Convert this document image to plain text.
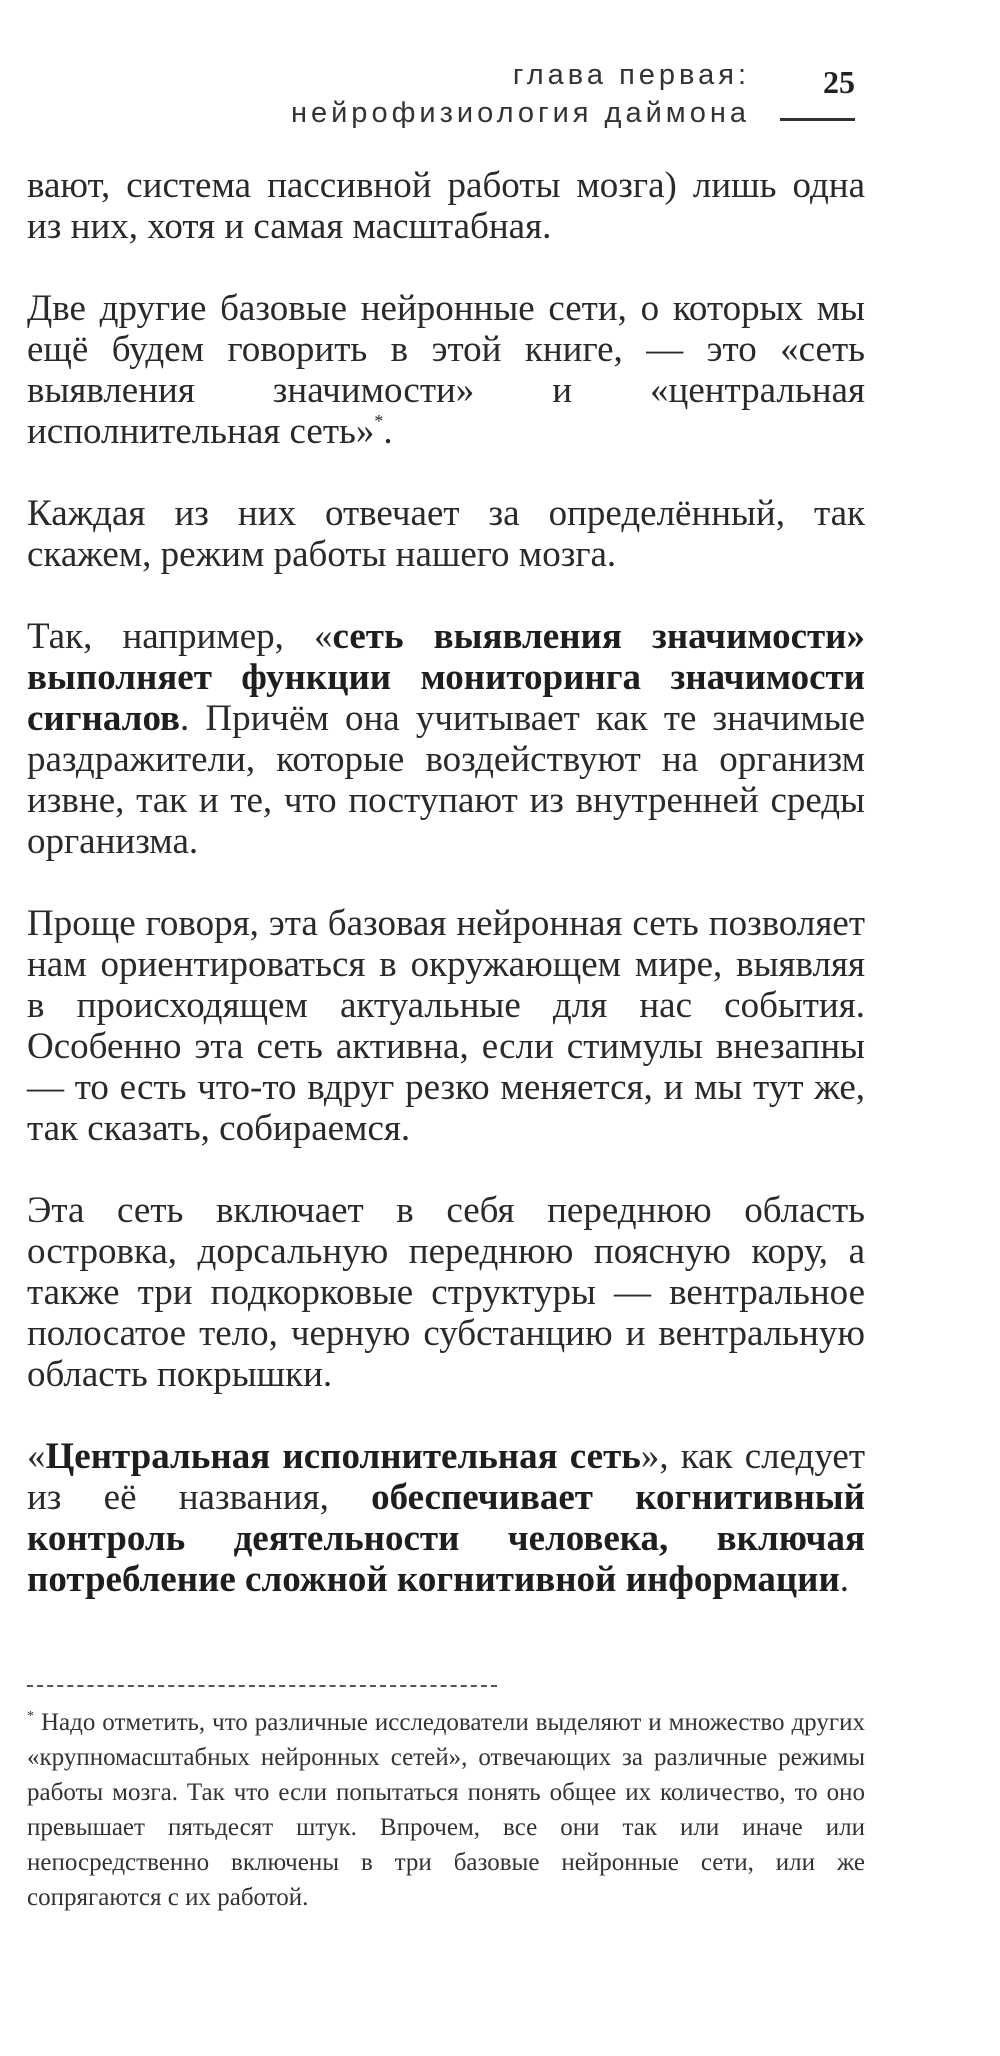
глава первая:
нейрофизиология даймона
25

вают, система пассивной работы мозга) лишь одна из них, хотя и самая масштабная.

Две другие базовые нейронные сети, о которых мы ещё будем говорить в этой книге, — это «сеть выявления значимости» и «центральная исполнительная сеть»*.

Каждая из них отвечает за определённый, так скажем, режим работы нашего мозга.

Так, например, «сеть выявления значимости» выполняет функции мониторинга значимости сигналов. Причём она учитывает как те значимые раздражители, которые воздействуют на организм извне, так и те, что поступают из внутренней среды организма.

Проще говоря, эта базовая нейронная сеть позволяет нам ориентироваться в окружающем мире, выявляя в происходящем актуальные для нас события. Особенно эта сеть активна, если стимулы внезапны — то есть что-то вдруг резко меняется, и мы тут же, так сказать, собираемся.

Эта сеть включает в себя переднюю область островка, дорсальную переднюю поясную кору, а также три подкорковые структуры — вентральное полосатое тело, черную субстанцию и вентральную область покрышки.

«Центральная исполнительная сеть», как следует из её названия, обеспечивает когнитивный контроль деятельности человека, включая потребление сложной когнитивной информации.

* Надо отметить, что различные исследователи выделяют и множество других «крупномасштабных нейронных сетей», отвечающих за различные режимы работы мозга. Так что если попытаться понять общее их количество, то оно превышает пятьдесят штук. Впрочем, все они так или иначе или непосредственно включены в три базовые нейронные сети, или же сопрягаются с их работой.
